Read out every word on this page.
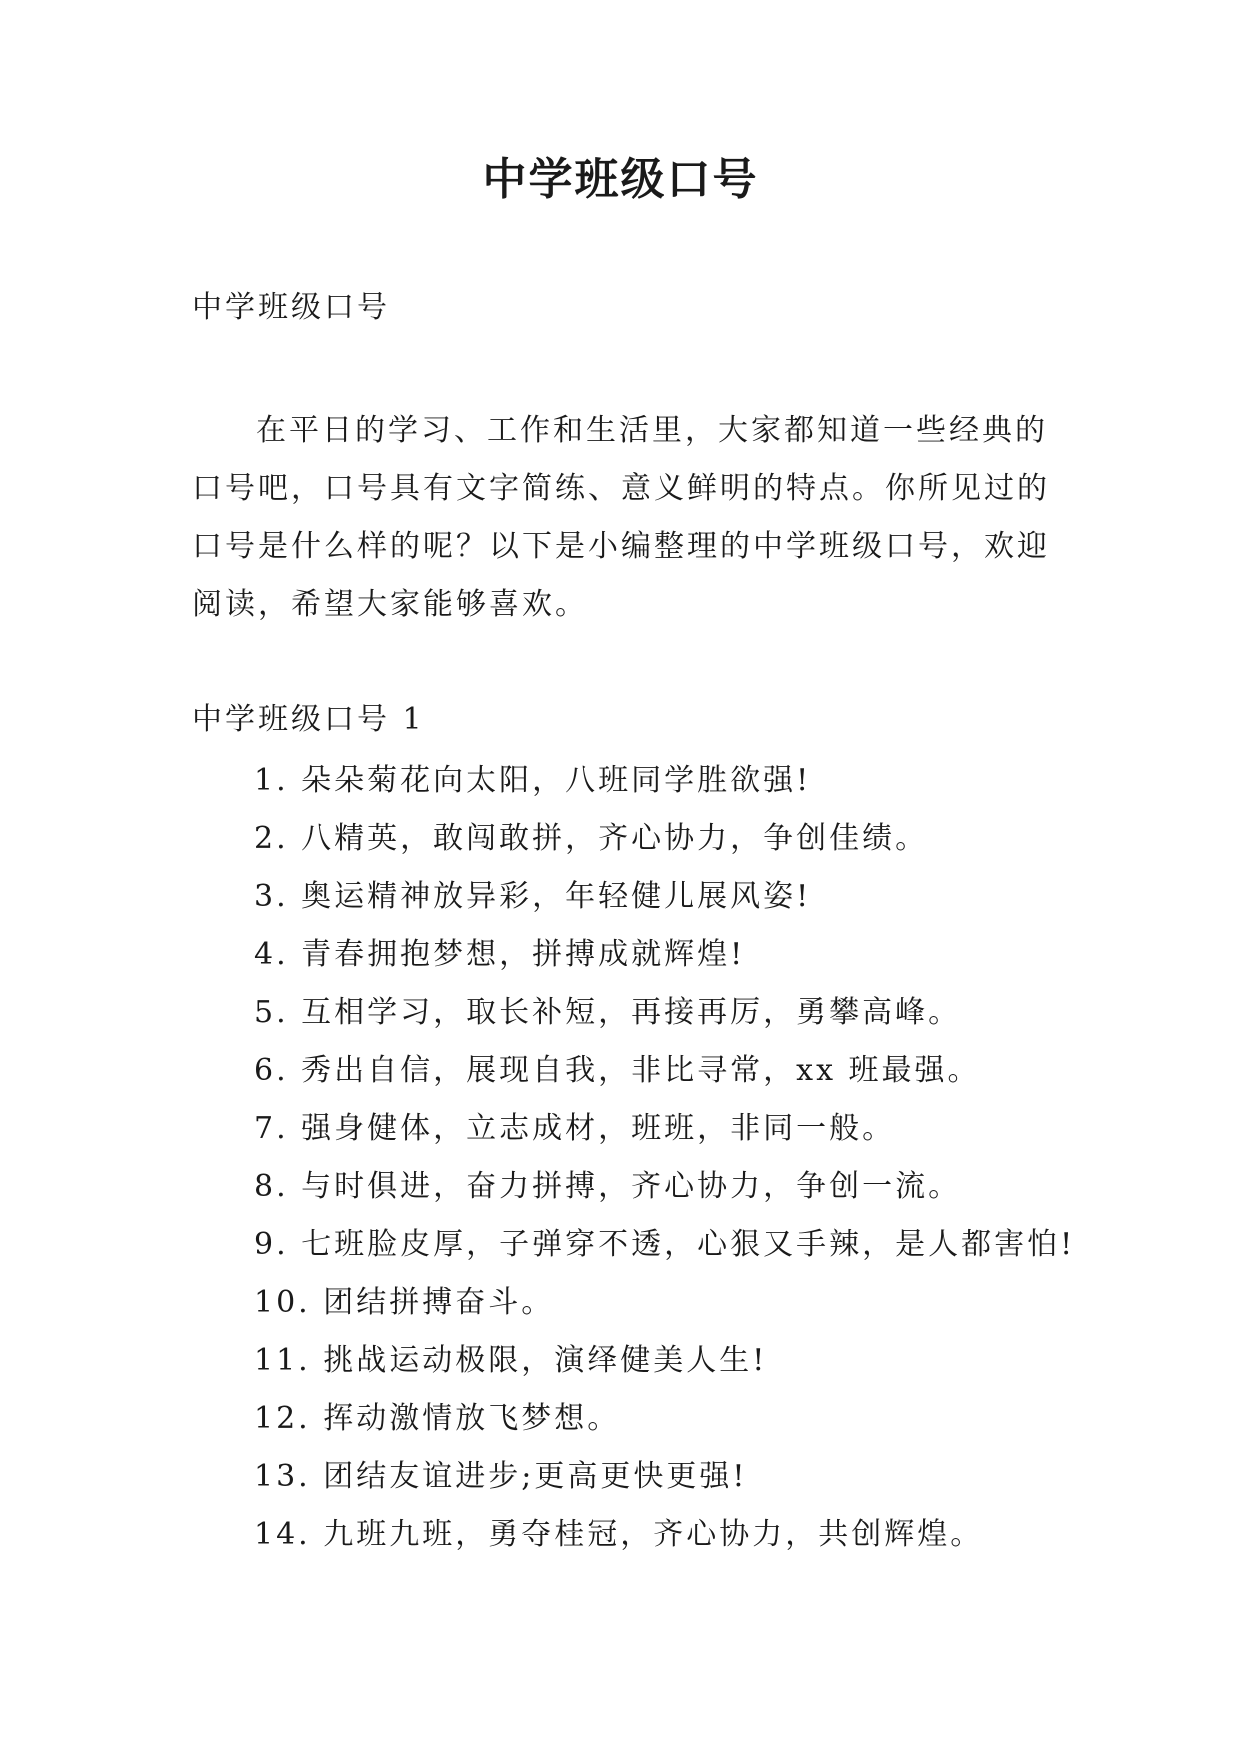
中学班级口号

中学班级口号

在平日的学习、工作和生活里，大家都知道一些经典的口号吧，口号具有文字简练、意义鲜明的特点。你所见过的口号是什么样的呢？以下是小编整理的中学班级口号，欢迎阅读，希望大家能够喜欢。

中学班级口号 1

1. 朵朵菊花向太阳，八班同学胜欲强!
2. 八精英，敢闯敢拼，齐心协力，争创佳绩。
3. 奥运精神放异彩，年轻健儿展风姿!
4. 青春拥抱梦想，拼搏成就辉煌!
5. 互相学习，取长补短，再接再厉，勇攀高峰。
6. 秀出自信，展现自我，非比寻常，xx 班最强。
7. 强身健体，立志成材，班班，非同一般。
8. 与时俱进，奋力拼搏，齐心协力，争创一流。
9. 七班脸皮厚，子弹穿不透，心狠又手辣，是人都害怕!
10. 团结拼搏奋斗。
11. 挑战运动极限，演绎健美人生!
12. 挥动激情放飞梦想。
13. 团结友谊进步;更高更快更强!
14. 九班九班，勇夺桂冠，齐心协力，共创辉煌。
